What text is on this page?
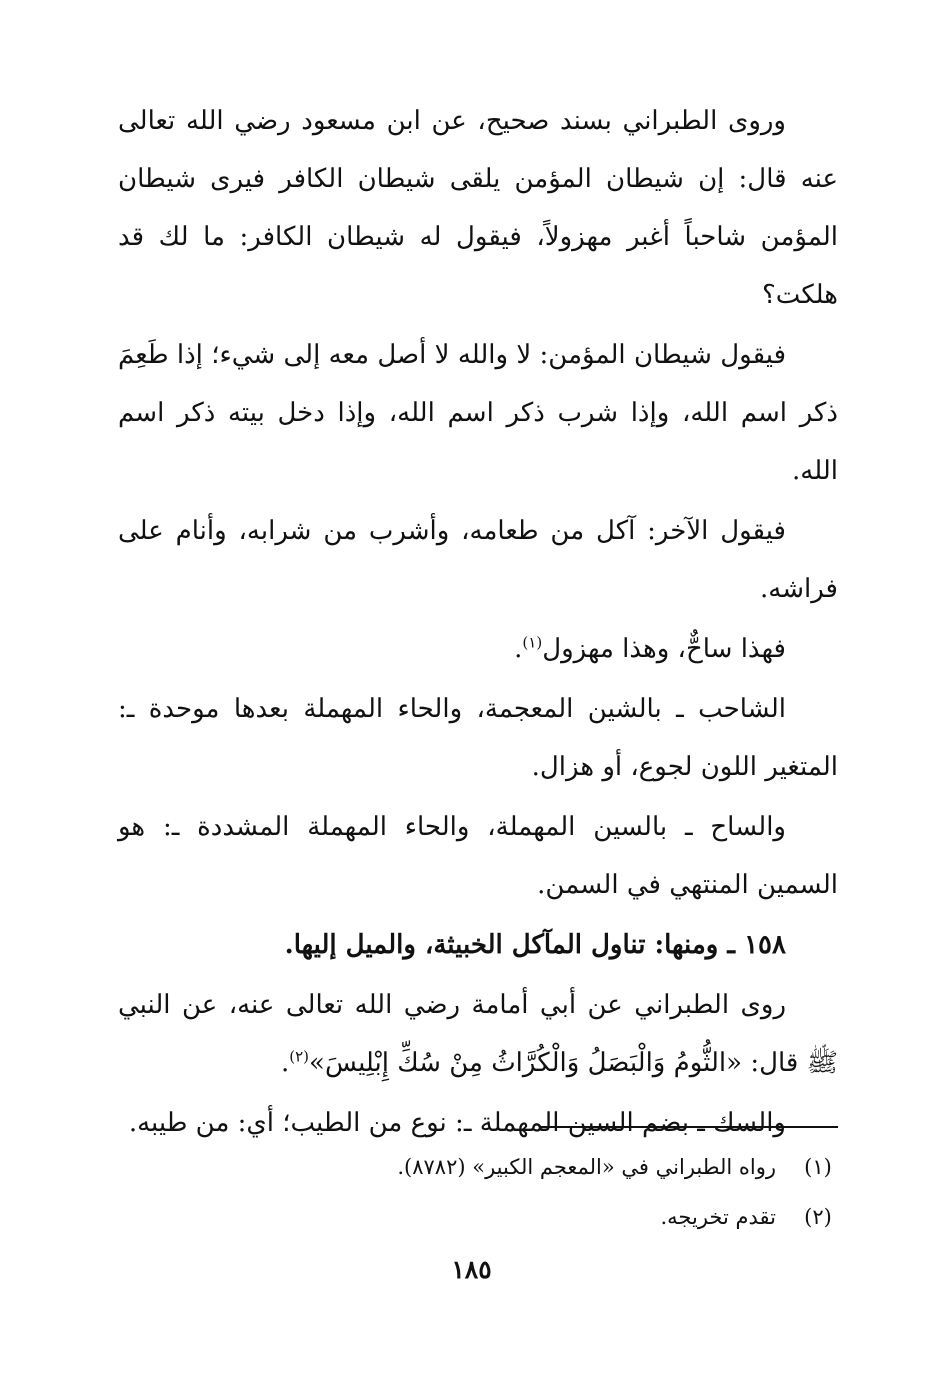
وروى الطبراني بسند صحيح، عن ابن مسعود رضي الله تعالى عنه قال: إن شيطان المؤمن يلقى شيطان الكافر فيرى شيطان المؤمن شاحباً أغبر مهزولاً، فيقول له شيطان الكافر: ما لك قد هلكت؟

فيقول شيطان المؤمن: لا والله لا أصل معه إلى شيء؛ إذا طَعِمَ ذكر اسم الله، وإذا شرب ذكر اسم الله، وإذا دخل بيته ذكر اسم الله.

فيقول الآخر: آكل من طعامه، وأشرب من شرابه، وأنام على فراشه.

فهذا ساحٌّ، وهذا مهزول$^{(١)}$.

الشاحب ـ بالشين المعجمة، والحاء المهملة بعدها موحدة ـ: المتغير اللون لجوع، أو هزال.

والساح ـ بالسين المهملة، والحاء المهملة المشددة ـ: هو السمين المنتهي في السمن.

١٥٨ ـ ومنها: تناول المآكل الخبيثة، والميل إليها.

روى الطبراني عن أبي أمامة رضي الله تعالى عنه، عن النبي ﷺ قال: «الثُّومُ وَالْبَصَلُ وَالْكُرَّاثُ مِنْ سُكِّ إِبْلِيسَ»$^{(٢)}$.

والسك ـ بضم السين المهملة ـ: نوع من الطيب؛ أي: من طيبه.

(١)
رواه الطبراني في «المعجم الكبير» (٨٧٨٢).
(٢)
تقدم تخريجه.
١٨٥
